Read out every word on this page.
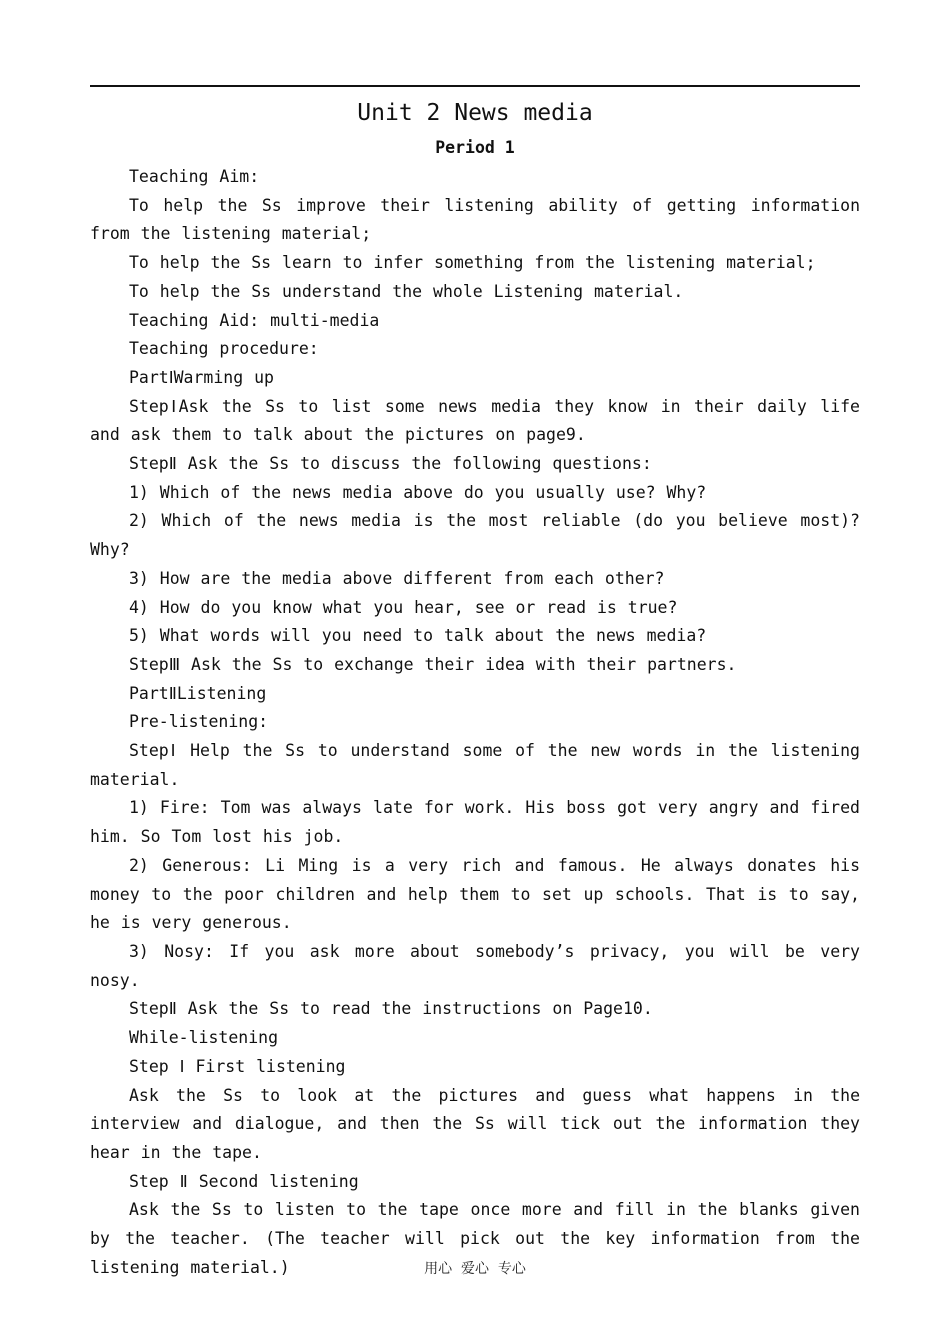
Unit 2 News media
Period 1

Teaching Aim:

To help the Ss improve their listening ability of getting information from the listening material;

To help the Ss learn to infer something from the listening material;

To help the Ss understand the whole Listening material.

Teaching Aid: multi-media

Teaching procedure:

PartⅠWarming up

StepⅠAsk the Ss to list some news media they know in their daily life and ask them to talk about the pictures on page9.

StepⅡ Ask the Ss to discuss the following questions:

1) Which of the news media above do you usually use? Why?

2) Which of the news media is the most reliable (do you believe most)? Why?

3) How are the media above different from each other?

4) How do you know what you hear, see or read is true?

5) What words will you need to talk about the news media?

StepⅢ Ask the Ss to exchange their idea with their partners.

PartⅡListening

Pre-listening:

StepⅠ Help the Ss to understand some of the new words in the listening material.

1) Fire: Tom was always late for work. His boss got very angry and fired him. So Tom lost his job.

2) Generous: Li Ming is a very rich and famous. He always donates his money to the poor children and help them to set up schools. That is to say, he is very generous.

3) Nosy: If you ask more about somebody’s privacy, you will be very nosy.

StepⅡ Ask the Ss to read the instructions on Page10.

While-listening

Step Ⅰ First listening

Ask the Ss to look at the pictures and guess what happens in the interview and dialogue, and then the Ss will tick out the information they hear in the tape.

Step Ⅱ Second listening

Ask the Ss to listen to the tape once more and fill in the blanks given by the teacher. (The teacher will pick out the key information from the listening material.)	用心  爱心  专心
